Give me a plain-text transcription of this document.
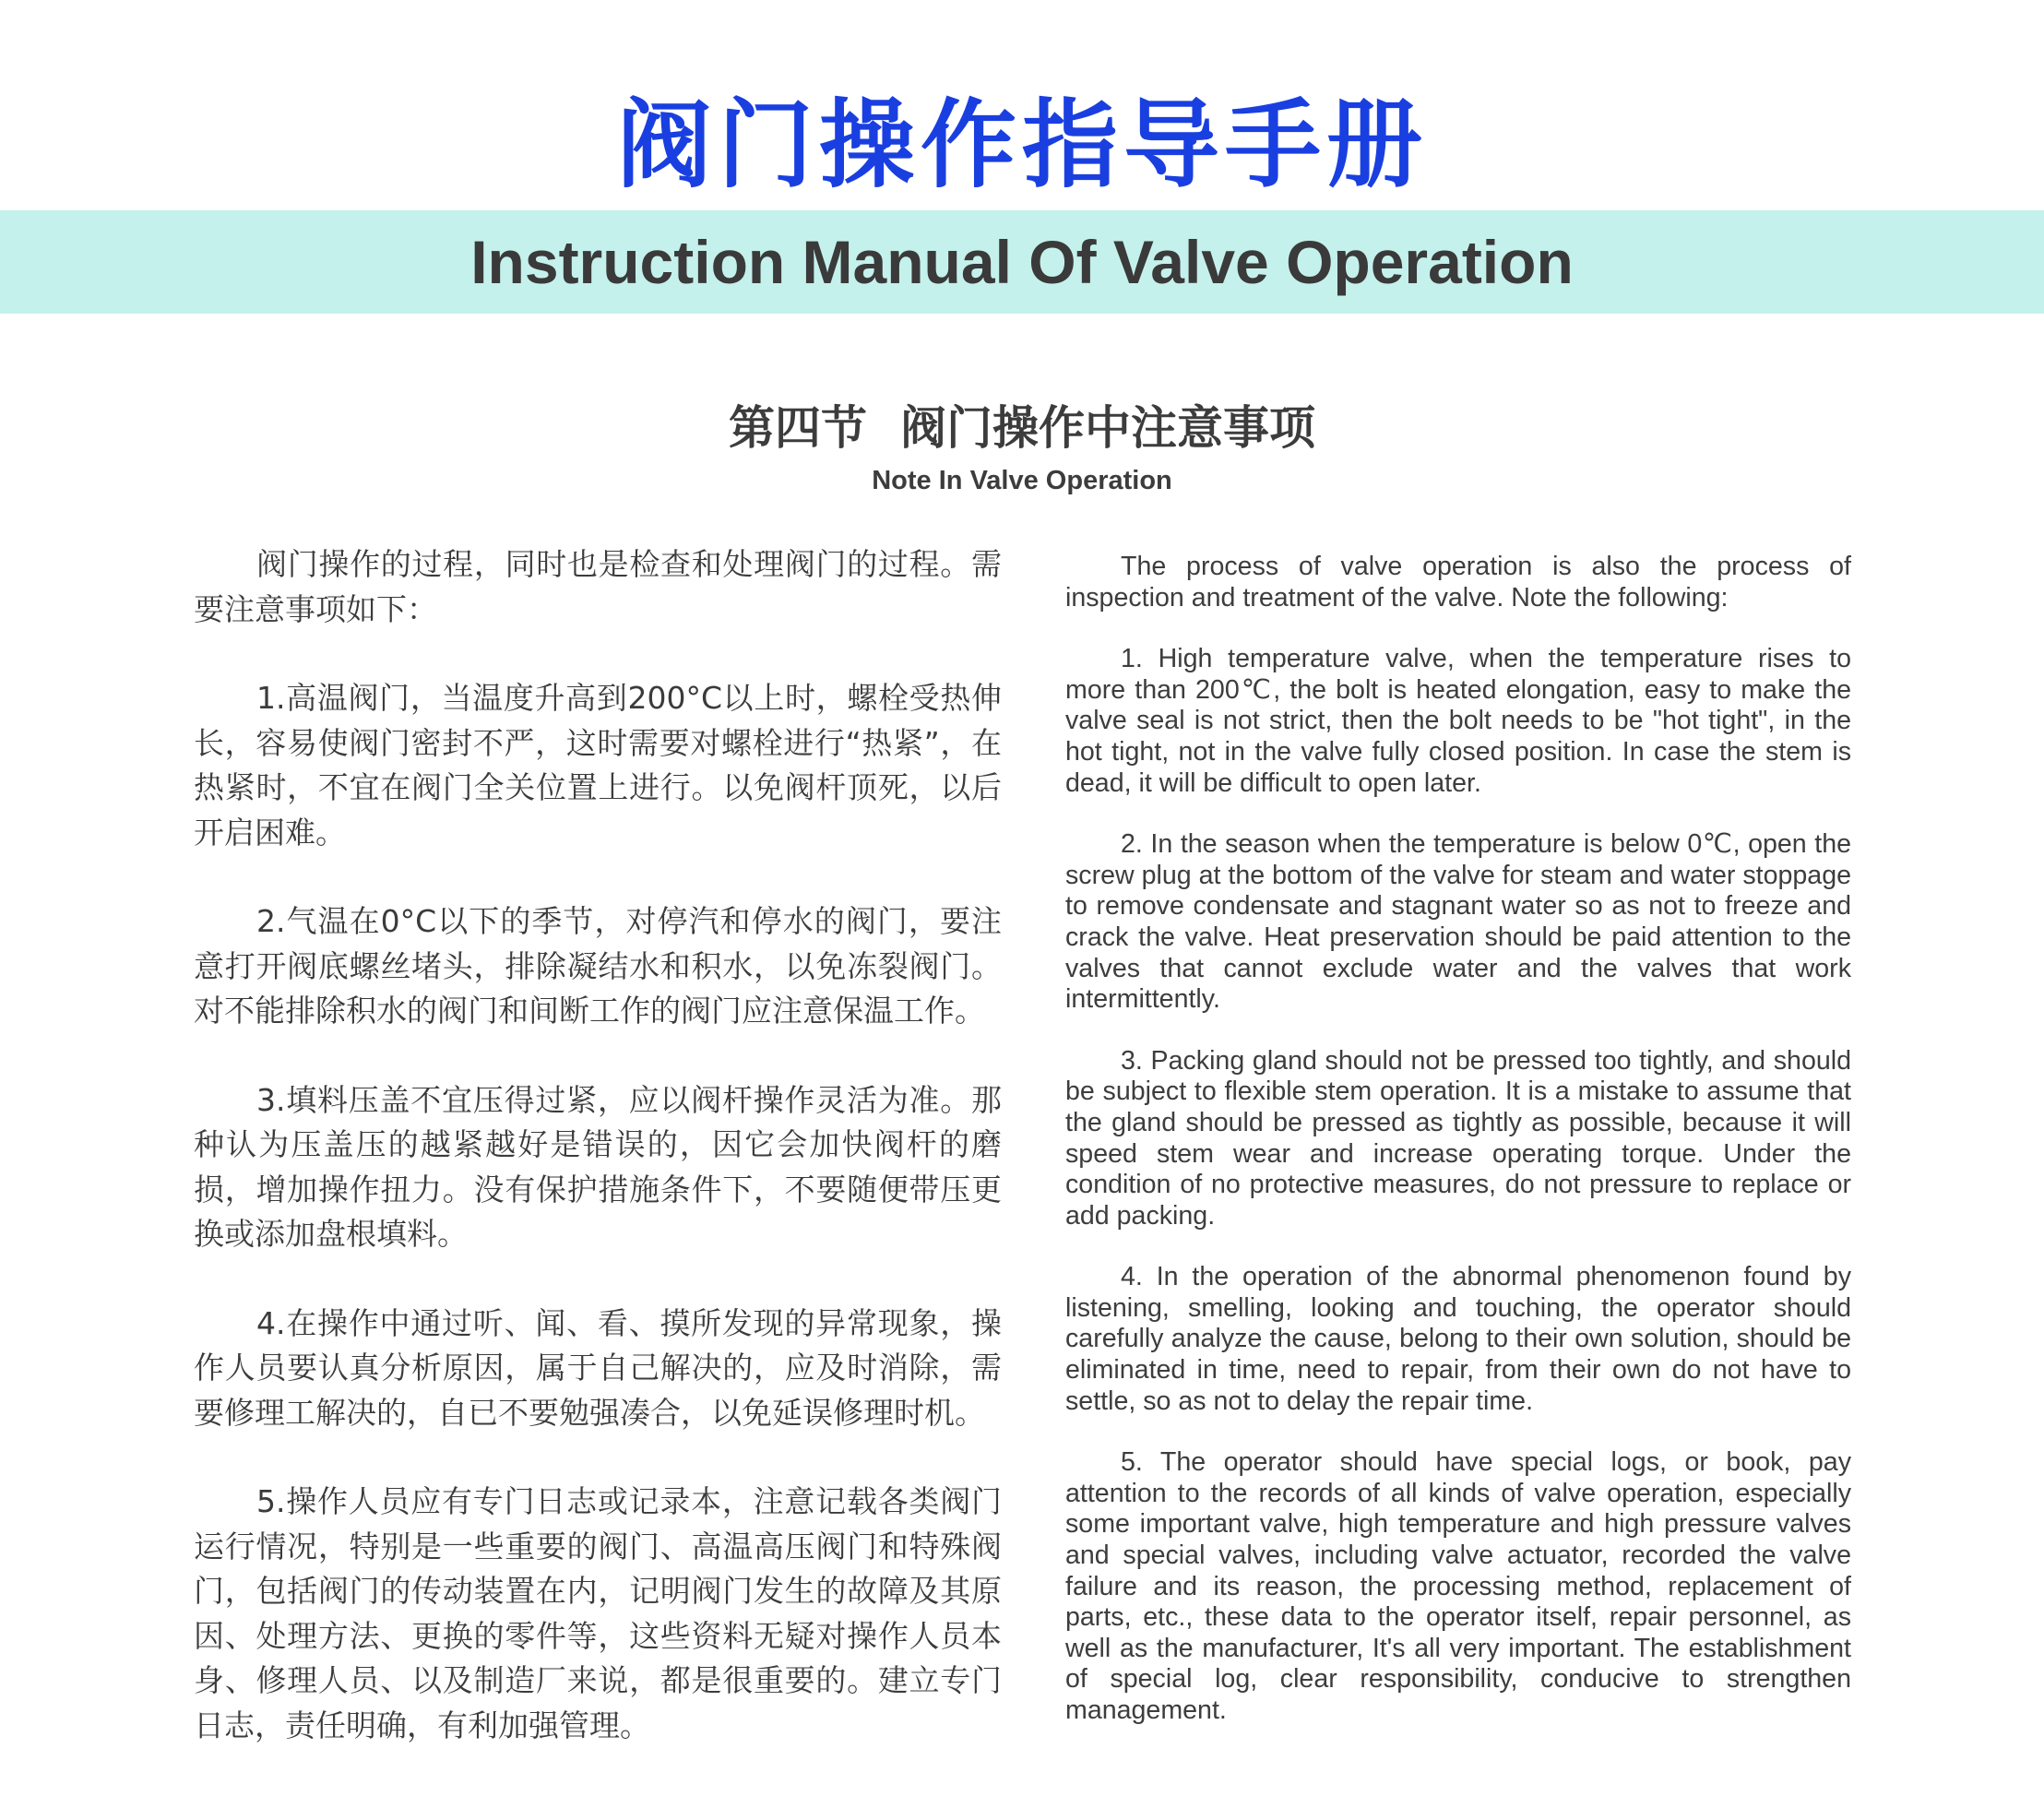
阀门操作指导手册
Instruction Manual Of Valve Operation
第四节 阀门操作中注意事项
Note In Valve Operation

阀门操作的过程，同时也是检查和处理阀门的过程。需要注意事项如下：

1.高温阀门，当温度升高到200°C以上时，螺栓受热伸长，容易使阀门密封不严，这时需要对螺栓进行“热紧”，在热紧时，不宜在阀门全关位置上进行。以免阀杆顶死，以后开启困难。

2.气温在0°C以下的季节，对停汽和停水的阀门，要注意打开阀底螺丝堵头，排除凝结水和积水，以免冻裂阀门。对不能排除积水的阀门和间断工作的阀门应注意保温工作。

3.填料压盖不宜压得过紧，应以阀杆操作灵活为准。那种认为压盖压的越紧越好是错误的，因它会加快阀杆的磨损，增加操作扭力。没有保护措施条件下，不要随便带压更换或添加盘根填料。

4.在操作中通过听、闻、看、摸所发现的异常现象，操作人员要认真分析原因，属于自己解决的，应及时消除，需要修理工解决的，自已不要勉强凑合，以免延误修理时机。

5.操作人员应有专门日志或记录本，注意记载各类阀门运行情况，特别是一些重要的阀门、高温高压阀门和特殊阀门，包括阀门的传动装置在内，记明阀门发生的故障及其原因、处理方法、更换的零件等，这些资料无疑对操作人员本身、修理人员、以及制造厂来说，都是很重要的。建立专门日志，责任明确，有利加强管理。

The process of valve operation is also the process of inspection and treatment of the valve. Note the following:

1. High temperature valve, when the temperature rises to more than 200℃, the bolt is heated elongation, easy to make the valve seal is not strict, then the bolt needs to be "hot tight", in the hot tight, not in the valve fully closed position. In case the stem is dead, it will be difficult to open later.

2. In the season when the temperature is below 0℃, open the screw plug at the bottom of the valve for steam and water stoppage to remove condensate and stagnant water so as not to freeze and crack the valve. Heat preservation should be paid attention to the valves that cannot exclude water and the valves that work intermittently.

3. Packing gland should not be pressed too tightly, and should be subject to flexible stem operation. It is a mistake to assume that the gland should be pressed as tightly as possible, because it will speed stem wear and increase operating torque. Under the condition of no protective measures, do not pressure to replace or add packing.

4. In the operation of the abnormal phenomenon found by listening, smelling, looking and touching, the operator should carefully analyze the cause, belong to their own solution, should be eliminated in time, need to repair, from their own do not have to settle, so as not to delay the repair time.

5. The operator should have special logs, or book, pay attention to the records of all kinds of valve operation, especially some important valve, high temperature and high pressure valves and special valves, including valve actuator, recorded the valve failure and its reason, the processing method, replacement of parts, etc., these data to the operator itself, repair personnel, as well as the manufacturer, It's all very important. The establishment of special log, clear responsibility, conducive to strengthen management.
